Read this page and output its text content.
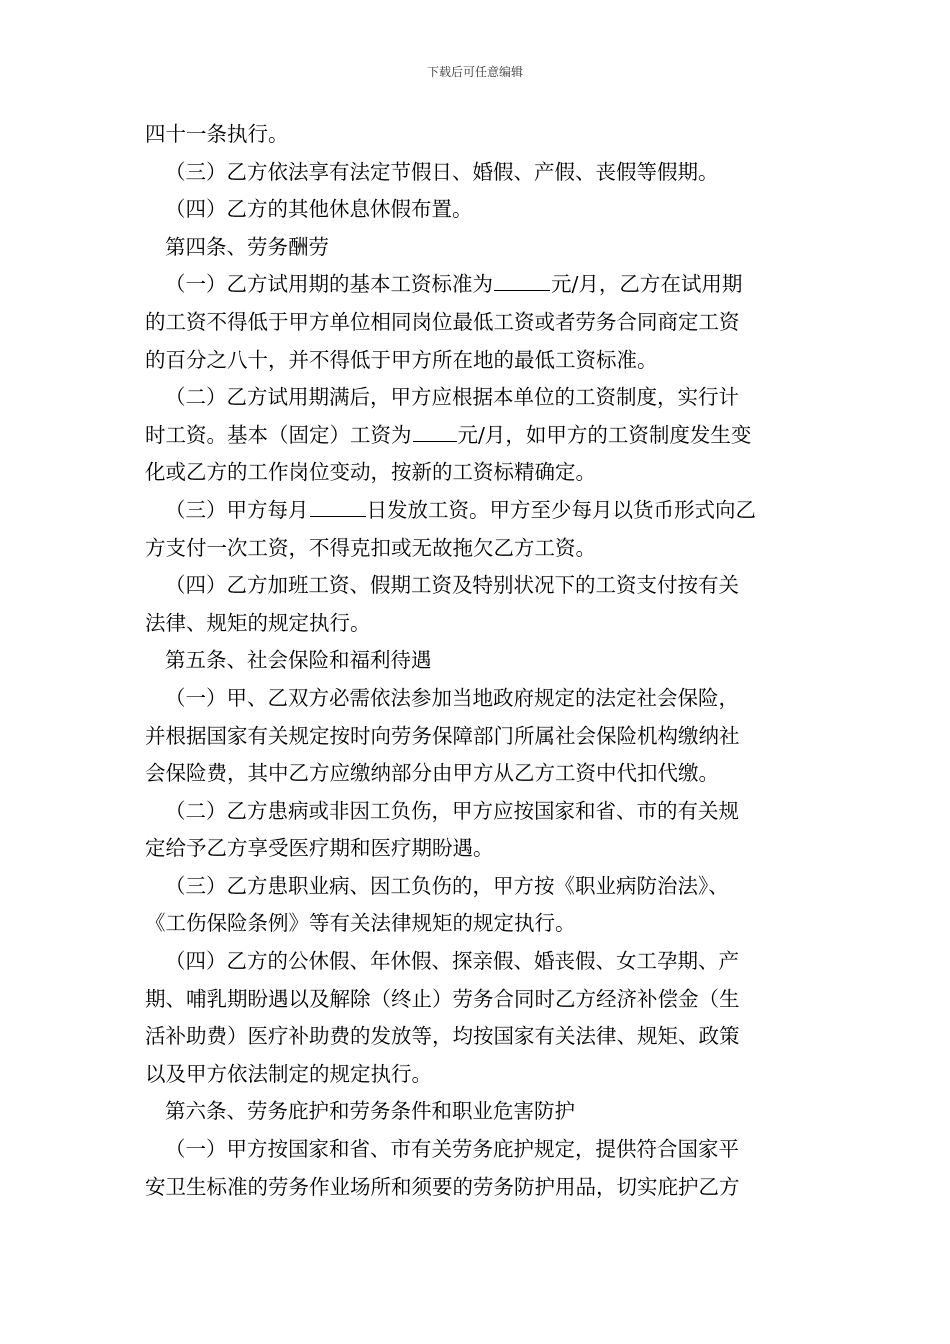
下载后可任意编辑
四十一条执行。
（三）乙方依法享有法定节假日、婚假、产假、丧假等假期。
（四）乙方的其他休息休假布置。
第四条、劳务酬劳
（一）乙方试用期的基本工资标准为	元/月，乙方在试用期
的工资不得低于甲方单位相同岗位最低工资或者劳务合同商定工资
的百分之八十，并不得低于甲方所在地的最低工资标准。
（二）乙方试用期满后，甲方应根据本单位的工资制度，实行计
时工资。基本（固定）工资为 元/月，如甲方的工资制度发生变
化或乙方的工作岗位变动，按新的工资标精确定。
（三）甲方每月	日发放工资。甲方至少每月以货币形式向乙
方支付一次工资，不得克扣或无故拖欠乙方工资。
（四）乙方加班工资、假期工资及特别状况下的工资支付按有关
法律、规矩的规定执行。
第五条、社会保险和福利待遇
（一）甲、乙双方必需依法参加当地政府规定的法定社会保险，
并根据国家有关规定按时向劳务保障部门所属社会保险机构缴纳社
会保险费，其中乙方应缴纳部分由甲方从乙方工资中代扣代缴。
（二）乙方患病或非因工负伤，甲方应按国家和省、市的有关规
定给予乙方享受医疗期和医疗期盼遇。
（三）乙方患职业病、因工负伤的，甲方按《职业病防治法》、
《工伤保险条例》等有关法律规矩的规定执行。
（四）乙方的公休假、年休假、探亲假、婚丧假、女工孕期、产
期、哺乳期盼遇以及解除（终止）劳务合同时乙方经济补偿金（生
活补助费）医疗补助费的发放等，均按国家有关法律、规矩、政策
以及甲方依法制定的规定执行。
第六条、劳务庇护和劳务条件和职业危害防护
（一）甲方按国家和省、市有关劳务庇护规定，提供符合国家平
安卫生标准的劳务作业场所和须要的劳务防护用品，切实庇护乙方
